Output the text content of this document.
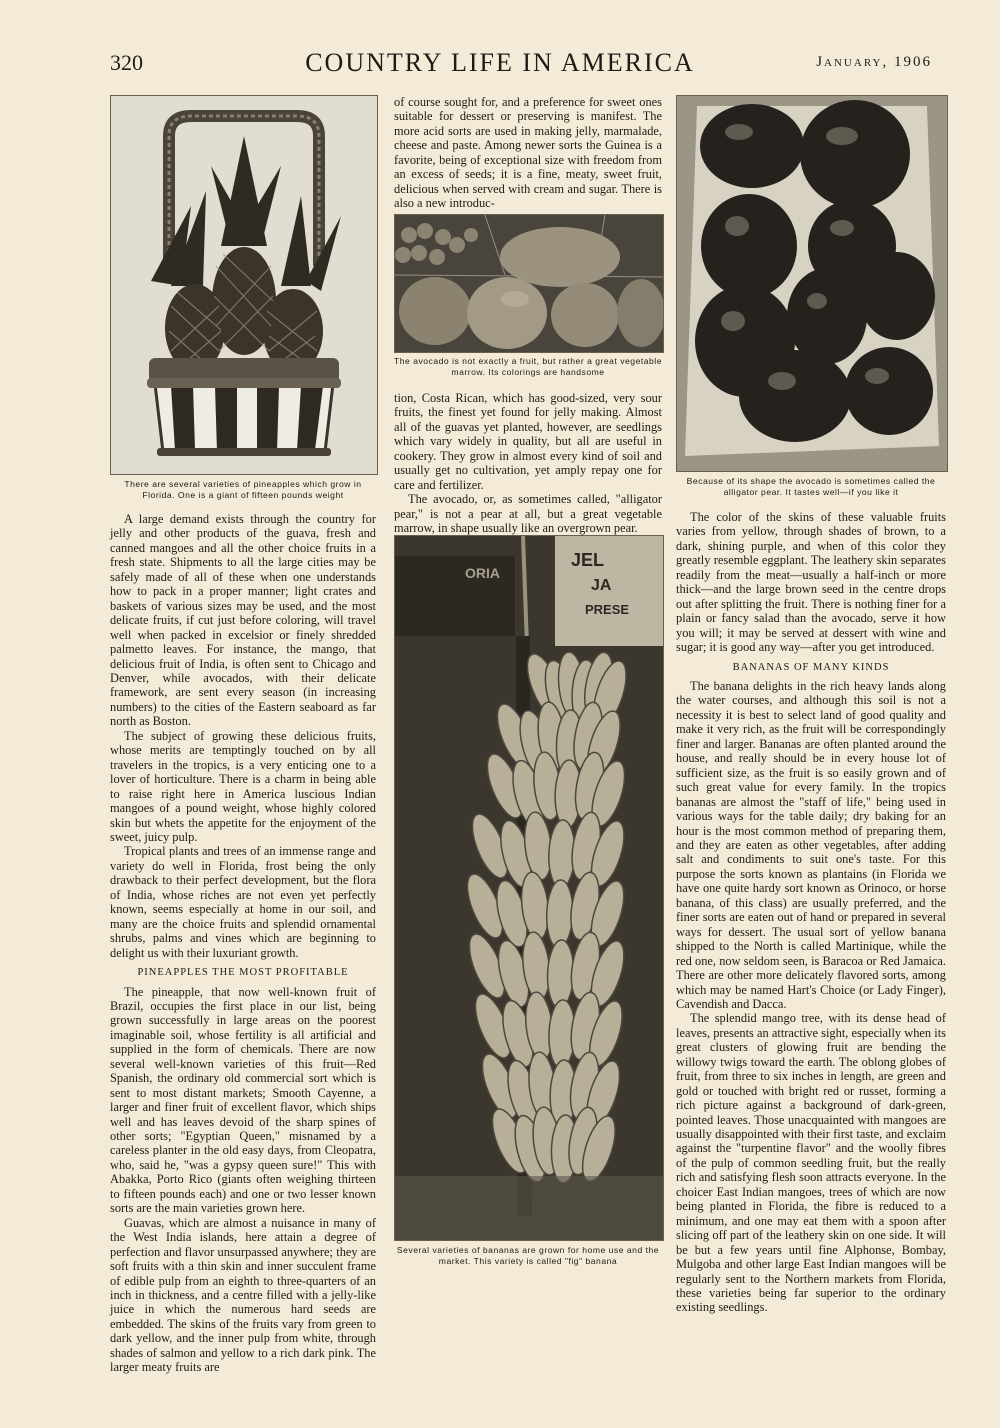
320	COUNTRY LIFE IN AMERICA	January, 1906
There are several varieties of pineapples which grow in Florida. One is a giant of fifteen pounds weight

A large demand exists through the country for jelly and other products of the guava, fresh and canned mangoes and all the other choice fruits in a fresh state. Shipments to all the large cities may be safely made of all of these when one understands how to pack in a proper manner; light crates and baskets of various sizes may be used, and the most delicate fruits, if cut just before coloring, will travel well when packed in excelsior or finely shredded palmetto leaves. For instance, the mango, that delicious fruit of India, is often sent to Chicago and Denver, while avocados, with their delicate framework, are sent every season (in increasing numbers) to the cities of the Eastern seaboard as far north as Boston.

The subject of growing these delicious fruits, whose merits are temptingly touched on by all travelers in the tropics, is a very enticing one to a lover of horticulture. There is a charm in being able to raise right here in America luscious Indian mangoes of a pound weight, whose highly colored skin but whets the appetite for the enjoyment of the sweet, juicy pulp.

Tropical plants and trees of an immense range and variety do well in Florida, frost being the only drawback to their perfect development, but the flora of India, whose riches are not even yet perfectly known, seems especially at home in our soil, and many are the choice fruits and splendid ornamental shrubs, palms and vines which are beginning to delight us with their luxuriant growth.

PINEAPPLES THE MOST PROFITABLE

The pineapple, that now well-known fruit of Brazil, occupies the first place in our list, being grown successfully in large areas on the poorest imaginable soil, whose fertility is all artificial and supplied in the form of chemicals. There are now several well-known varieties of this fruit—Red Spanish, the ordinary old commercial sort which is sent to most distant markets; Smooth Cayenne, a larger and finer fruit of excellent flavor, which ships well and has leaves devoid of the sharp spines of other sorts; "Egyptian Queen," misnamed by a careless planter in the old easy days, from Cleopatra, who, said he, "was a gypsy queen sure!" This with Abakka, Porto Rico (giants often weighing thirteen to fifteen pounds each) and one or two lesser known sorts are the main varieties grown here.

Guavas, which are almost a nuisance in many of the West India islands, here attain a degree of perfection and flavor unsurpassed anywhere; they are soft fruits with a thin skin and inner succulent frame of edible pulp from an eighth to three-quarters of an inch in thickness, and a centre filled with a jelly-like juice in which the numerous hard seeds are embedded. The skins of the fruits vary from green to dark yellow, and the inner pulp from white, through shades of salmon and yellow to a rich dark pink. The larger meaty fruits are

of course sought for, and a preference for sweet ones suitable for dessert or preserving is manifest. The more acid sorts are used in making jelly, marmalade, cheese and paste. Among newer sorts the Guinea is a favorite, being of exceptional size with freedom from an excess of seeds; it is a fine, meaty, sweet fruit, delicious when served with cream and sugar. There is also a new introduc-

The avocado is not exactly a fruit, but rather a great vegetable marrow. Its colorings are handsome

tion, Costa Rican, which has good-sized, very sour fruits, the finest yet found for jelly making. Almost all of the guavas yet planted, however, are seedlings which vary widely in quality, but all are useful in cookery. They grow in almost every kind of soil and usually get no cultivation, yet amply repay one for care and fertilizer.

The avocado, or, as sometimes called, "alligator pear," is not a pear at all, but a great vegetable marrow, in shape usually like an overgrown pear.

JEL
ORIA
JA
PRESE
Several varieties of bananas are grown for home use and the market. This variety is called "fig" banana
Because of its shape the avocado is sometimes called the alligator pear. It tastes well—if you like it

The color of the skins of these valuable fruits varies from yellow, through shades of brown, to a dark, shining purple, and when of this color they greatly resemble eggplant. The leathery skin separates readily from the meat—usually a half-inch or more thick—and the large brown seed in the centre drops out after splitting the fruit. There is nothing finer for a plain or fancy salad than the avocado, serve it how you will; it may be served at dessert with wine and sugar; it is good any way—after you get introduced.

BANANAS OF MANY KINDS

The banana delights in the rich heavy lands along the water courses, and although this soil is not a necessity it is best to select land of good quality and make it very rich, as the fruit will be correspondingly finer and larger. Bananas are often planted around the house, and really should be in every house lot of sufficient size, as the fruit is so easily grown and of such great value for every family. In the tropics bananas are almost the "staff of life," being used in various ways for the table daily; dry baking for an hour is the most common method of preparing them, and they are eaten as other vegetables, after adding salt and condiments to suit one's taste. For this purpose the sorts known as plantains (in Florida we have one quite hardy sort known as Orinoco, or horse banana, of this class) are usually preferred, and the finer sorts are eaten out of hand or prepared in several ways for dessert. The usual sort of yellow banana shipped to the North is called Martinique, while the red one, now seldom seen, is Baracoa or Red Jamaica. There are other more delicately flavored sorts, among which may be named Hart's Choice (or Lady Finger), Cavendish and Dacca.

The splendid mango tree, with its dense head of leaves, presents an attractive sight, especially when its great clusters of glowing fruit are bending the willowy twigs toward the earth. The oblong globes of fruit, from three to six inches in length, are green and gold or touched with bright red or russet, forming a rich picture against a background of dark-green, pointed leaves. Those unacquainted with mangoes are usually disappointed with their first taste, and exclaim against the "turpentine flavor" and the woolly fibres of the pulp of common seedling fruit, but the really rich and satisfying flesh soon attracts everyone. In the choicer East Indian mangoes, trees of which are now being planted in Florida, the fibre is reduced to a minimum, and one may eat them with a spoon after slicing off part of the leathery skin on one side. It will be but a few years until fine Alphonse, Bombay, Mulgoba and other large East Indian mangoes will be regularly sent to the Northern markets from Florida, these varieties being far superior to the ordinary existing seedlings.
